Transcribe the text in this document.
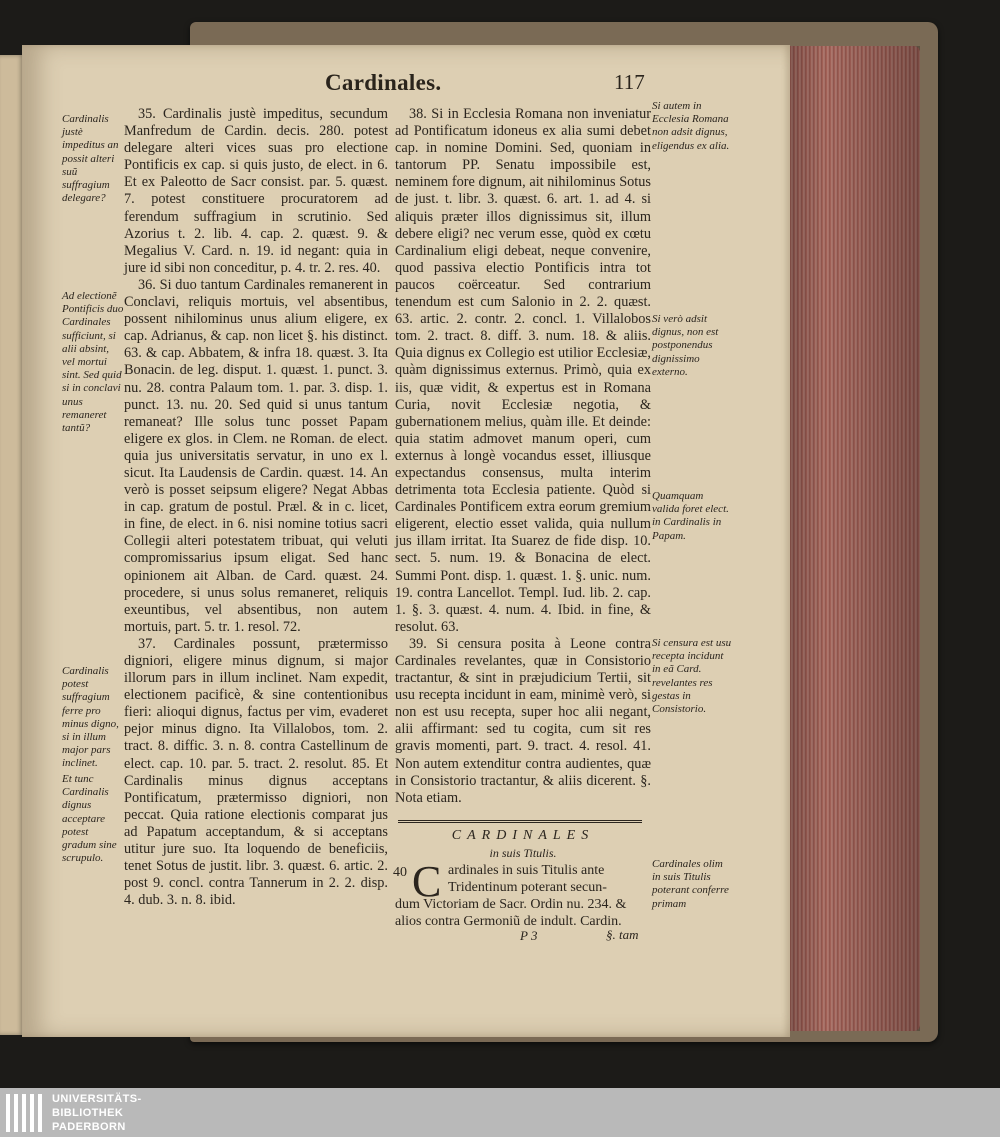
Cardinales.	117
Cardinalis justè impeditus an possit alteri suũ suffragium delegare?
Ad electionẽ Pontificis duo Cardinales sufficiunt, si alii absint, vel mortui sint. Sed quid si in conclavi unus remaneret tantũ?
Cardinalis potest suffragium ferre pro minus digno, si in illum major pars inclinet.
Et tunc Cardinalis dignus acceptare potest gradum sine scrupulo.
Si autem in Ecclesia Romana non adsit dignus, eligendus ex alia.
Si verò adsit dignus, non est postponendus dignissimo externo.
Quamquam valida foret elect. in Cardinalis in Papam.
Si censura est usu recepta incidunt in eã Card. revelantes res gestas in Consistorio.
Cardinales olim in suis Titulis poterant conferre primam

35. Cardinalis justè impeditus, secundum Manfredum de Cardin. decis. 280. potest delegare alteri vices suas pro electione Pontificis ex cap. si quis justo, de elect. in 6. Et ex Paleotto de Sacr consist. par. 5. quæst. 7. potest constituere procuratorem ad ferendum suffragium in scrutinio. Sed Azorius t. 2. lib. 4. cap. 2. quæst. 9. & Megalius V. Card. n. 19. id negant: quia in jure id sibi non conceditur, p. 4. tr. 2. res. 40.

36. Si duo tantum Cardinales remanerent in Conclavi, reliquis mortuis, vel absentibus, possent nihilominus unus alium eligere, ex cap. Adrianus, & cap. non licet §. his distinct. 63. & cap. Abbatem, & infra 18. quæst. 3. Ita Bonacin. de leg. disput. 1. quæst. 1. punct. 3. nu. 28. contra Palaum tom. 1. par. 3. disp. 1. punct. 13. nu. 20. Sed quid si unus tantum remaneat? Ille solus tunc posset Papam eligere ex glos. in Clem. ne Roman. de elect. quia jus universitatis servatur, in uno ex l. sicut. Ita Laudensis de Cardin. quæst. 14. An verò is posset seipsum eligere? Negat Abbas in cap. gratum de postul. Præl. & in c. licet, in fine, de elect. in 6. nisi nomine totius sacri Collegii alteri potestatem tribuat, qui veluti compromissarius ipsum eligat. Sed hanc opinionem ait Alban. de Card. quæst. 24. procedere, si unus solus remaneret, reliquis exeuntibus, vel absentibus, non autem mortuis, part. 5. tr. 1. resol. 72.

37. Cardinales possunt, prætermisso digniori, eligere minus dignum, si major illorum pars in illum inclinet. Nam expedit, electionem pacificè, & sine contentionibus fieri: alioqui dignus, factus per vim, evaderet pejor minus digno. Ita Villalobos, tom. 2. tract. 8. diffic. 3. n. 8. contra Castellinum de elect. cap. 10. par. 5. tract. 2. resolut. 85. Et Cardinalis minus dignus acceptans Pontificatum, prætermisso digniori, non peccat. Quia ratione electionis comparat jus ad Papatum acceptandum, & si acceptans utitur jure suo. Ita loquendo de beneficiis, tenet Sotus de justit. libr. 3. quæst. 6. artic. 2. post 9. concl. contra Tannerum in 2. 2. disp. 4. dub. 3. n. 8. ibid.

38. Si in Ecclesia Romana non inveniatur ad Pontificatum idoneus ex alia sumi debet cap. in nomine Domini. Sed, quoniam in tantorum PP. Senatu impossibile est, neminem fore dignum, ait nihilominus Sotus de just. t. libr. 3. quæst. 6. art. 1. ad 4. si aliquis præter illos dignissimus sit, illum debere eligi? nec verum esse, quòd ex cœtu Cardinalium eligi debeat, neque convenire, quod passiva electio Pontificis intra tot paucos coërceatur. Sed contrarium tenendum est cum Salonio in 2. 2. quæst. 63. artic. 2. contr. 2. concl. 1. Villalobos tom. 2. tract. 8. diff. 3. num. 18. & aliis. Quia dignus ex Collegio est utilior Ecclesiæ, quàm dignissimus externus. Primò, quia ex iis, quæ vidit, & expertus est in Romana Curia, novit Ecclesiæ negotia, & gubernationem melius, quàm ille. Et deinde: quia statim admovet manum operi, cum externus à longè vocandus esset, illiusque expectandus consensus, multa interim detrimenta tota Ecclesia patiente. Quòd si Cardinales Pontificem extra eorum gremium eligerent, electio esset valida, quia nullum jus illam irritat. Ita Suarez de fide disp. 10. sect. 5. num. 19. & Bonacina de elect. Summi Pont. disp. 1. quæst. 1. §. unic. num. 19. contra Lancellot. Templ. Iud. lib. 2. cap. 1. §. 3. quæst. 4. num. 4. Ibid. in fine, & resolut. 63.

39. Si censura posita à Leone contra Cardinales revelantes, quæ in Consistorio tractantur, & sint in præjudicium Tertii, sit usu recepta incidunt in eam, minimè verò, si non est usu recepta, super hoc alii negant, alii affirmant: sed tu cogita, cum sit res gravis momenti, part. 9. tract. 4. resol. 41. Non autem extenditur contra audientes, quæ in Consistorio tractantur, & aliis dicerent. §. Nota etiam.

CARDINALES
in suis Titulis.
40 C ardinales in suis Titulis ante Tridentinum poterant secun-
dum Victoriam de Sacr. Ordin nu. 234. & alios contra Germoniũ de indult. Cardin.
P 3	§. tam
UNIVERSITÄTS-
BIBLIOTHEK
PADERBORN
